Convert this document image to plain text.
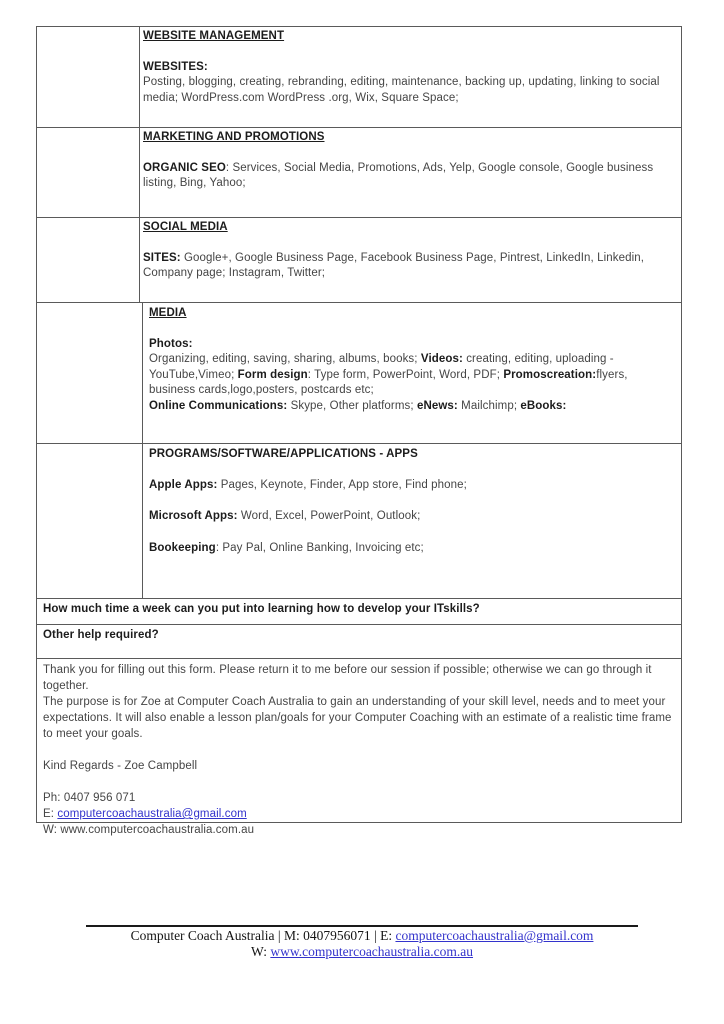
WEBSITE MANAGEMENT
WEBSITES:
Posting, blogging, creating, rebranding, editing, maintenance, backing up, updating, linking to social media; WordPress.com WordPress .org, Wix, Square Space;
MARKETING AND PROMOTIONS
ORGANIC SEO: Services, Social Media, Promotions, Ads, Yelp, Google console, Google business listing, Bing, Yahoo;
SOCIAL MEDIA
SITES: Google+, Google Business Page, Facebook Business Page, Pintrest, LinkedIn, Linkedin, Company page; Instagram, Twitter;
MEDIA
Photos:
Organizing, editing, saving, sharing, albums, books; Videos: creating, editing, uploading - YouTube,Vimeo; Form design: Type form, PowerPoint, Word, PDF; Promoscreation:flyers, business cards,logo,posters, postcards etc;
Online Communications: Skype, Other platforms; eNews: Mailchimp; eBooks:
PROGRAMS/SOFTWARE/APPLICATIONS - APPS
Apple Apps: Pages, Keynote, Finder, App store, Find phone;
Microsoft Apps: Word, Excel, PowerPoint, Outlook;
Bookeeping: Pay Pal, Online Banking, Invoicing etc;
How much time a week can you put into learning how to develop your ITskills?
Other help required?
Thank you for filling out this form. Please return it to me before our session if possible; otherwise we can go through it together.
The purpose is for Zoe at Computer Coach Australia to gain an understanding of your skill level, needs and to meet your expectations. It will also enable a lesson plan/goals for your Computer Coaching with an estimate of a realistic time frame to meet your goals.
Kind Regards - Zoe Campbell
Ph: 0407 956 071
E: computercoachaustralia@gmail.com
W: www.computercoachaustralia.com.au
Computer Coach Australia | M: 0407956071 | E: computercoachaustralia@gmail.com
W: www.computercoachaustralia.com.au
